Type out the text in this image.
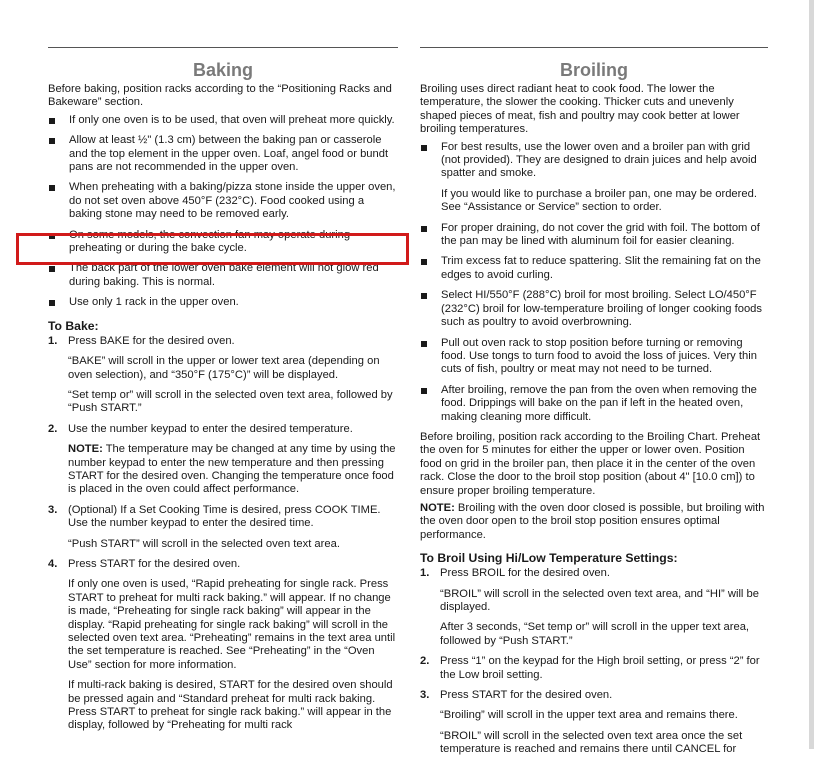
Baking

Before baking, position racks according to the “Positioning Racks and Bakeware” section.

If only one oven is to be used, that oven will preheat more quickly.
Allow at least ½" (1.3 cm) between the baking pan or casserole and the top element in the upper oven. Loaf, angel food or bundt pans are not recommended in the upper oven.
When preheating with a baking/pizza stone inside the upper oven, do not set oven above 450°F (232°C). Food cooked using a baking stone may need to be removed early.
On some models, the convection fan may operate during preheating or during the bake cycle.
The back part of the lower oven bake element will not glow red during baking. This is normal.
Use only 1 rack in the upper oven.
To Bake:
1. Press BAKE for the desired oven.

“BAKE” will scroll in the upper or lower text area (depending on oven selection), and “350°F (175°C)” will be displayed.

“Set temp or” will scroll in the selected oven text area, followed by “Push START.”

2. Use the number keypad to enter the desired temperature.

NOTE: The temperature may be changed at any time by using the number keypad to enter the new temperature and then pressing START for the desired oven. Changing the temperature once food is placed in the oven could affect performance.

3. (Optional) If a Set Cooking Time is desired, press COOK TIME. Use the number keypad to enter the desired time.

“Push START” will scroll in the selected oven text area.

4. Press START for the desired oven.

If only one oven is used, “Rapid preheating for single rack. Press START to preheat for multi rack baking.” will appear. If no change is made, “Preheating for single rack baking” will appear in the display. “Rapid preheating for single rack baking” will scroll in the selected oven text area. “Preheating” remains in the text area until the set temperature is reached. See “Preheating” in the “Oven Use” section for more information.

If multi-rack baking is desired, START for the desired oven should be pressed again and “Standard preheat for multi rack baking. Press START to preheat for single rack baking.” will appear in the display, followed by “Preheating for multi rack

Broiling

Broiling uses direct radiant heat to cook food. The lower the temperature, the slower the cooking. Thicker cuts and unevenly shaped pieces of meat, fish and poultry may cook better at lower broiling temperatures.

For best results, use the lower oven and a broiler pan with grid (not provided). They are designed to drain juices and help avoid spatter and smoke.

If you would like to purchase a broiler pan, one may be ordered. See “Assistance or Service” section to order.

For proper draining, do not cover the grid with foil. The bottom of the pan may be lined with aluminum foil for easier cleaning.
Trim excess fat to reduce spattering. Slit the remaining fat on the edges to avoid curling.
Select HI/550°F (288°C) broil for most broiling. Select LO/450°F (232°C) broil for low-temperature broiling of longer cooking foods such as poultry to avoid overbrowning.
Pull out oven rack to stop position before turning or removing food. Use tongs to turn food to avoid the loss of juices. Very thin cuts of fish, poultry or meat may not need to be turned.
After broiling, remove the pan from the oven when removing the food. Drippings will bake on the pan if left in the heated oven, making cleaning more difficult.

Before broiling, position rack according to the Broiling Chart. Preheat the oven for 5 minutes for either the upper or lower oven. Position food on grid in the broiler pan, then place it in the center of the oven rack. Close the door to the broil stop position (about 4" [10.0 cm]) to ensure proper broiling temperature.

NOTE: Broiling with the oven door closed is possible, but broiling with the oven door open to the broil stop position ensures optimal performance.

To Broil Using Hi/Low Temperature Settings:
1. Press BROIL for the desired oven.

“BROIL” will scroll in the selected oven text area, and “HI” will be displayed.

After 3 seconds, “Set temp or” will scroll in the upper text area, followed by “Push START.”

2. Press “1” on the keypad for the High broil setting, or press “2” for the Low broil setting.

3. Press START for the desired oven.

“Broiling” will scroll in the upper text area and remains there.

“BROIL” will scroll in the selected oven text area once the set temperature is reached and remains there until CANCEL for
